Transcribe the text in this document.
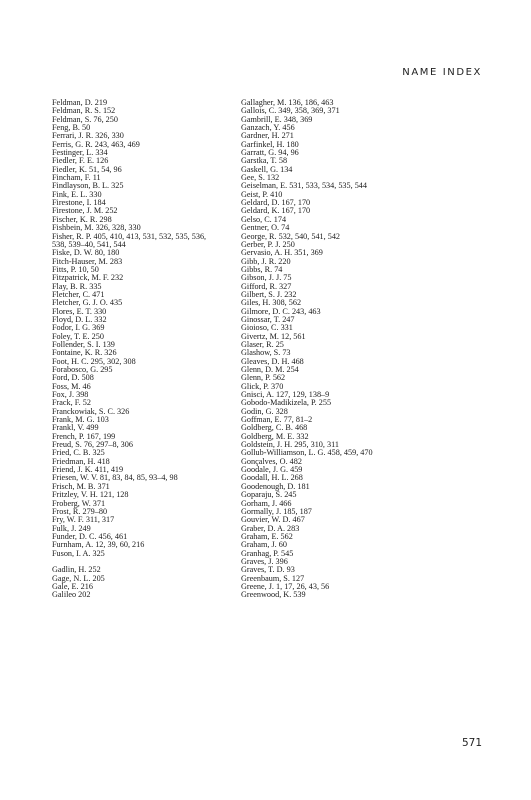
NAME INDEX
Feldman, D. 219
Feldman, R. S. 152
Feldman, S. 76, 250
Feng, B. 50
Ferrari, J. R. 326, 330
Ferris, G. R. 243, 463, 469
Festinger, L. 334
Fiedler, F. E. 126
Fiedler, K. 51, 54, 96
Fincham, F. 11
Findlayson, B. L. 325
Fink, E. L. 330
Firestone, I. 184
Firestone, J. M. 252
Fischer, K. R. 298
Fishbein, M. 326, 328, 330
Fisher, R. P. 405, 410, 413, 531, 532, 535, 536,
538, 539–40, 541, 544
Fiske, D. W. 80, 180
Fitch-Hauser, M. 283
Fitts, P. 10, 50
Fitzpatrick, M. F. 232
Flay, B. R. 335
Fletcher, C. 471
Fletcher, G. J. O. 435
Flores, E. T. 330
Floyd, D. L. 332
Fodor, I. G. 369
Foley, T. E. 250
Follender, S. I. 139
Fontaine, K. R. 326
Foot, H. C. 295, 302, 308
Forabosco, G. 295
Ford, D. 508
Foss, M. 46
Fox, J. 398
Frack, F. 52
Franckowiak, S. C. 326
Frank, M. G. 103
Frankl, V. 499
French, P. 167, 199
Freud, S. 76, 297–8, 306
Fried, C. B. 325
Friedman, H. 418
Friend, J. K. 411, 419
Friesen, W. V. 81, 83, 84, 85, 93–4, 98
Frisch, M. B. 371
Fritzley, V. H. 121, 128
Froberg, W. 371
Frost, R. 279–80
Fry, W. F. 311, 317
Fulk, J. 249
Funder, D. C. 456, 461
Furnham, A. 12, 39, 60, 216
Fuson, I. A. 325
Gadlin, H. 252
Gage, N. L. 205
Gale, E. 216
Galileo 202
Gallagher, M. 136, 186, 463
Gallois, C. 349, 358, 369, 371
Gambrill, E. 348, 369
Ganzach, Y. 456
Gardner, H. 271
Garfinkel, H. 180
Garratt, G. 94, 96
Garstka, T. 58
Gaskell, G. 134
Gee, S. 132
Geiselman, E. 531, 533, 534, 535, 544
Geist, P. 410
Geldard, D. 167, 170
Geldard, K. 167, 170
Gelso, C. 174
Gentner, O. 74
George, R. 532, 540, 541, 542
Gerber, P. J. 250
Gervasio, A. H. 351, 369
Gibb, J. R. 220
Gibbs, R. 74
Gibson, J. J. 75
Gifford, R. 327
Gilbert, S. J. 232
Giles, H. 308, 562
Gilmore, D. C. 243, 463
Ginossar, T. 247
Gioioso, C. 331
Givertz, M. 12, 561
Glaser, R. 25
Glashow, S. 73
Gleaves, D. H. 468
Glenn, D. M. 254
Glenn, P. 562
Glick, P. 370
Gnisci, A. 127, 129, 138–9
Gobodo-Madikizela, P. 255
Godin, G. 328
Goffman, E. 77, 81–2
Goldberg, C. B. 468
Goldberg, M. E. 332
Goldstein, J. H. 295, 310, 311
Gollub-Williamson, L. G. 458, 459, 470
Gonçalves, O. 482
Goodale, J. G. 459
Goodall, H. L. 268
Goodenough, D. 181
Goparaju, S. 245
Gorham, J. 466
Gormally, J. 185, 187
Gouvier, W. D. 467
Graber, D. A. 283
Graham, E. 562
Graham, J. 60
Granhag, P. 545
Graves, J. 396
Graves, T. D. 93
Greenbaum, S. 127
Greene, J. 1, 17, 26, 43, 56
Greenwood, K. 539
571
